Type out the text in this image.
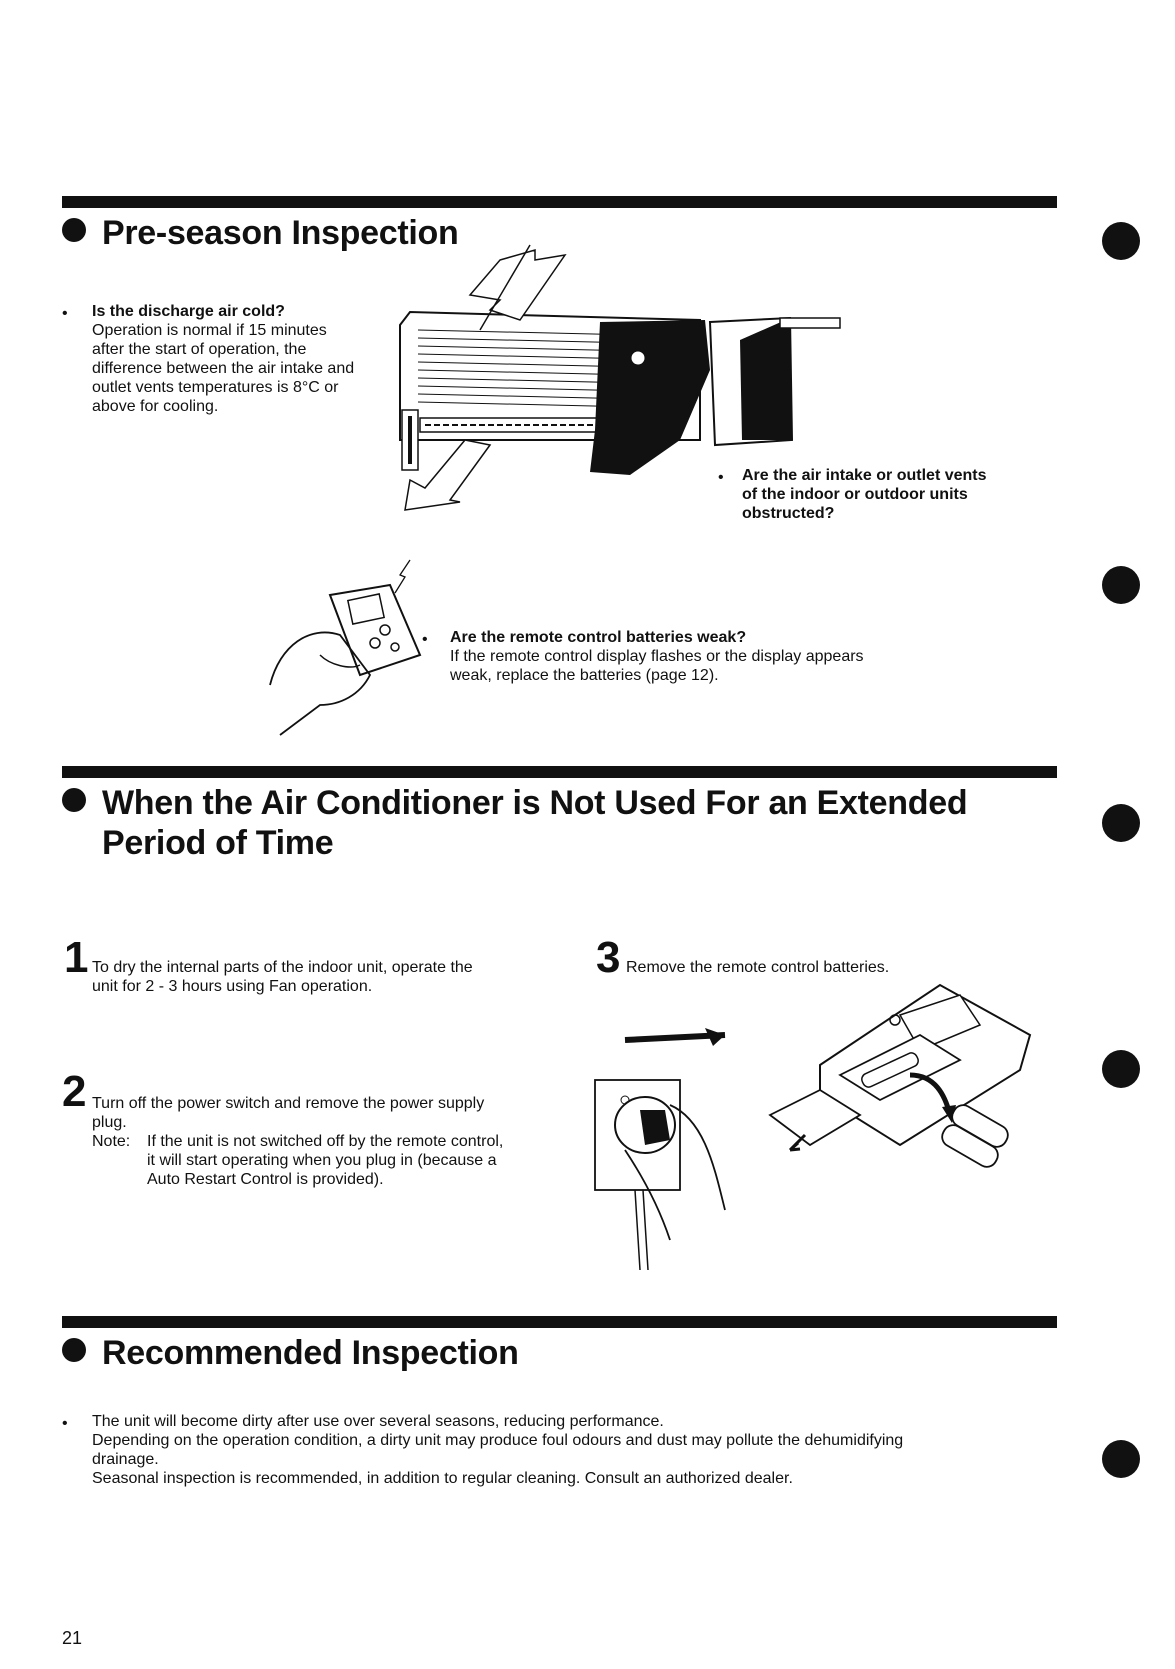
Pre-season Inspection
• Is the discharge air cold?

Operation is normal if 15 minutes after the start of operation, the difference between the air intake and outlet vents temperatures is 8°C or above for cooling.

• Are the air intake or outlet vents

of the indoor or outdoor units

obstructed?

• Are the remote control batteries weak?

If the remote control display flashes or the display appears

weak, replace the batteries (page 12).

When the Air Conditioner is Not Used For an Extended
Period of Time
1 To dry the internal parts of the indoor unit, operate the

unit for 2 - 3 hours using Fan operation.

2 Turn off the power switch and remove the power supply

plug.

Note: If the unit is not switched off by the remote control,

it will start operating when you plug in (because a

Auto Restart Control is provided).

3 Remove the remote control batteries.
Recommended Inspection
• The unit will become dirty after use over several seasons, reducing performance.

Depending on the operation condition, a dirty unit may produce foul odours and dust may pollute the dehumidifying

drainage.

Seasonal inspection is recommended, in addition to regular cleaning. Consult an authorized dealer.

21
